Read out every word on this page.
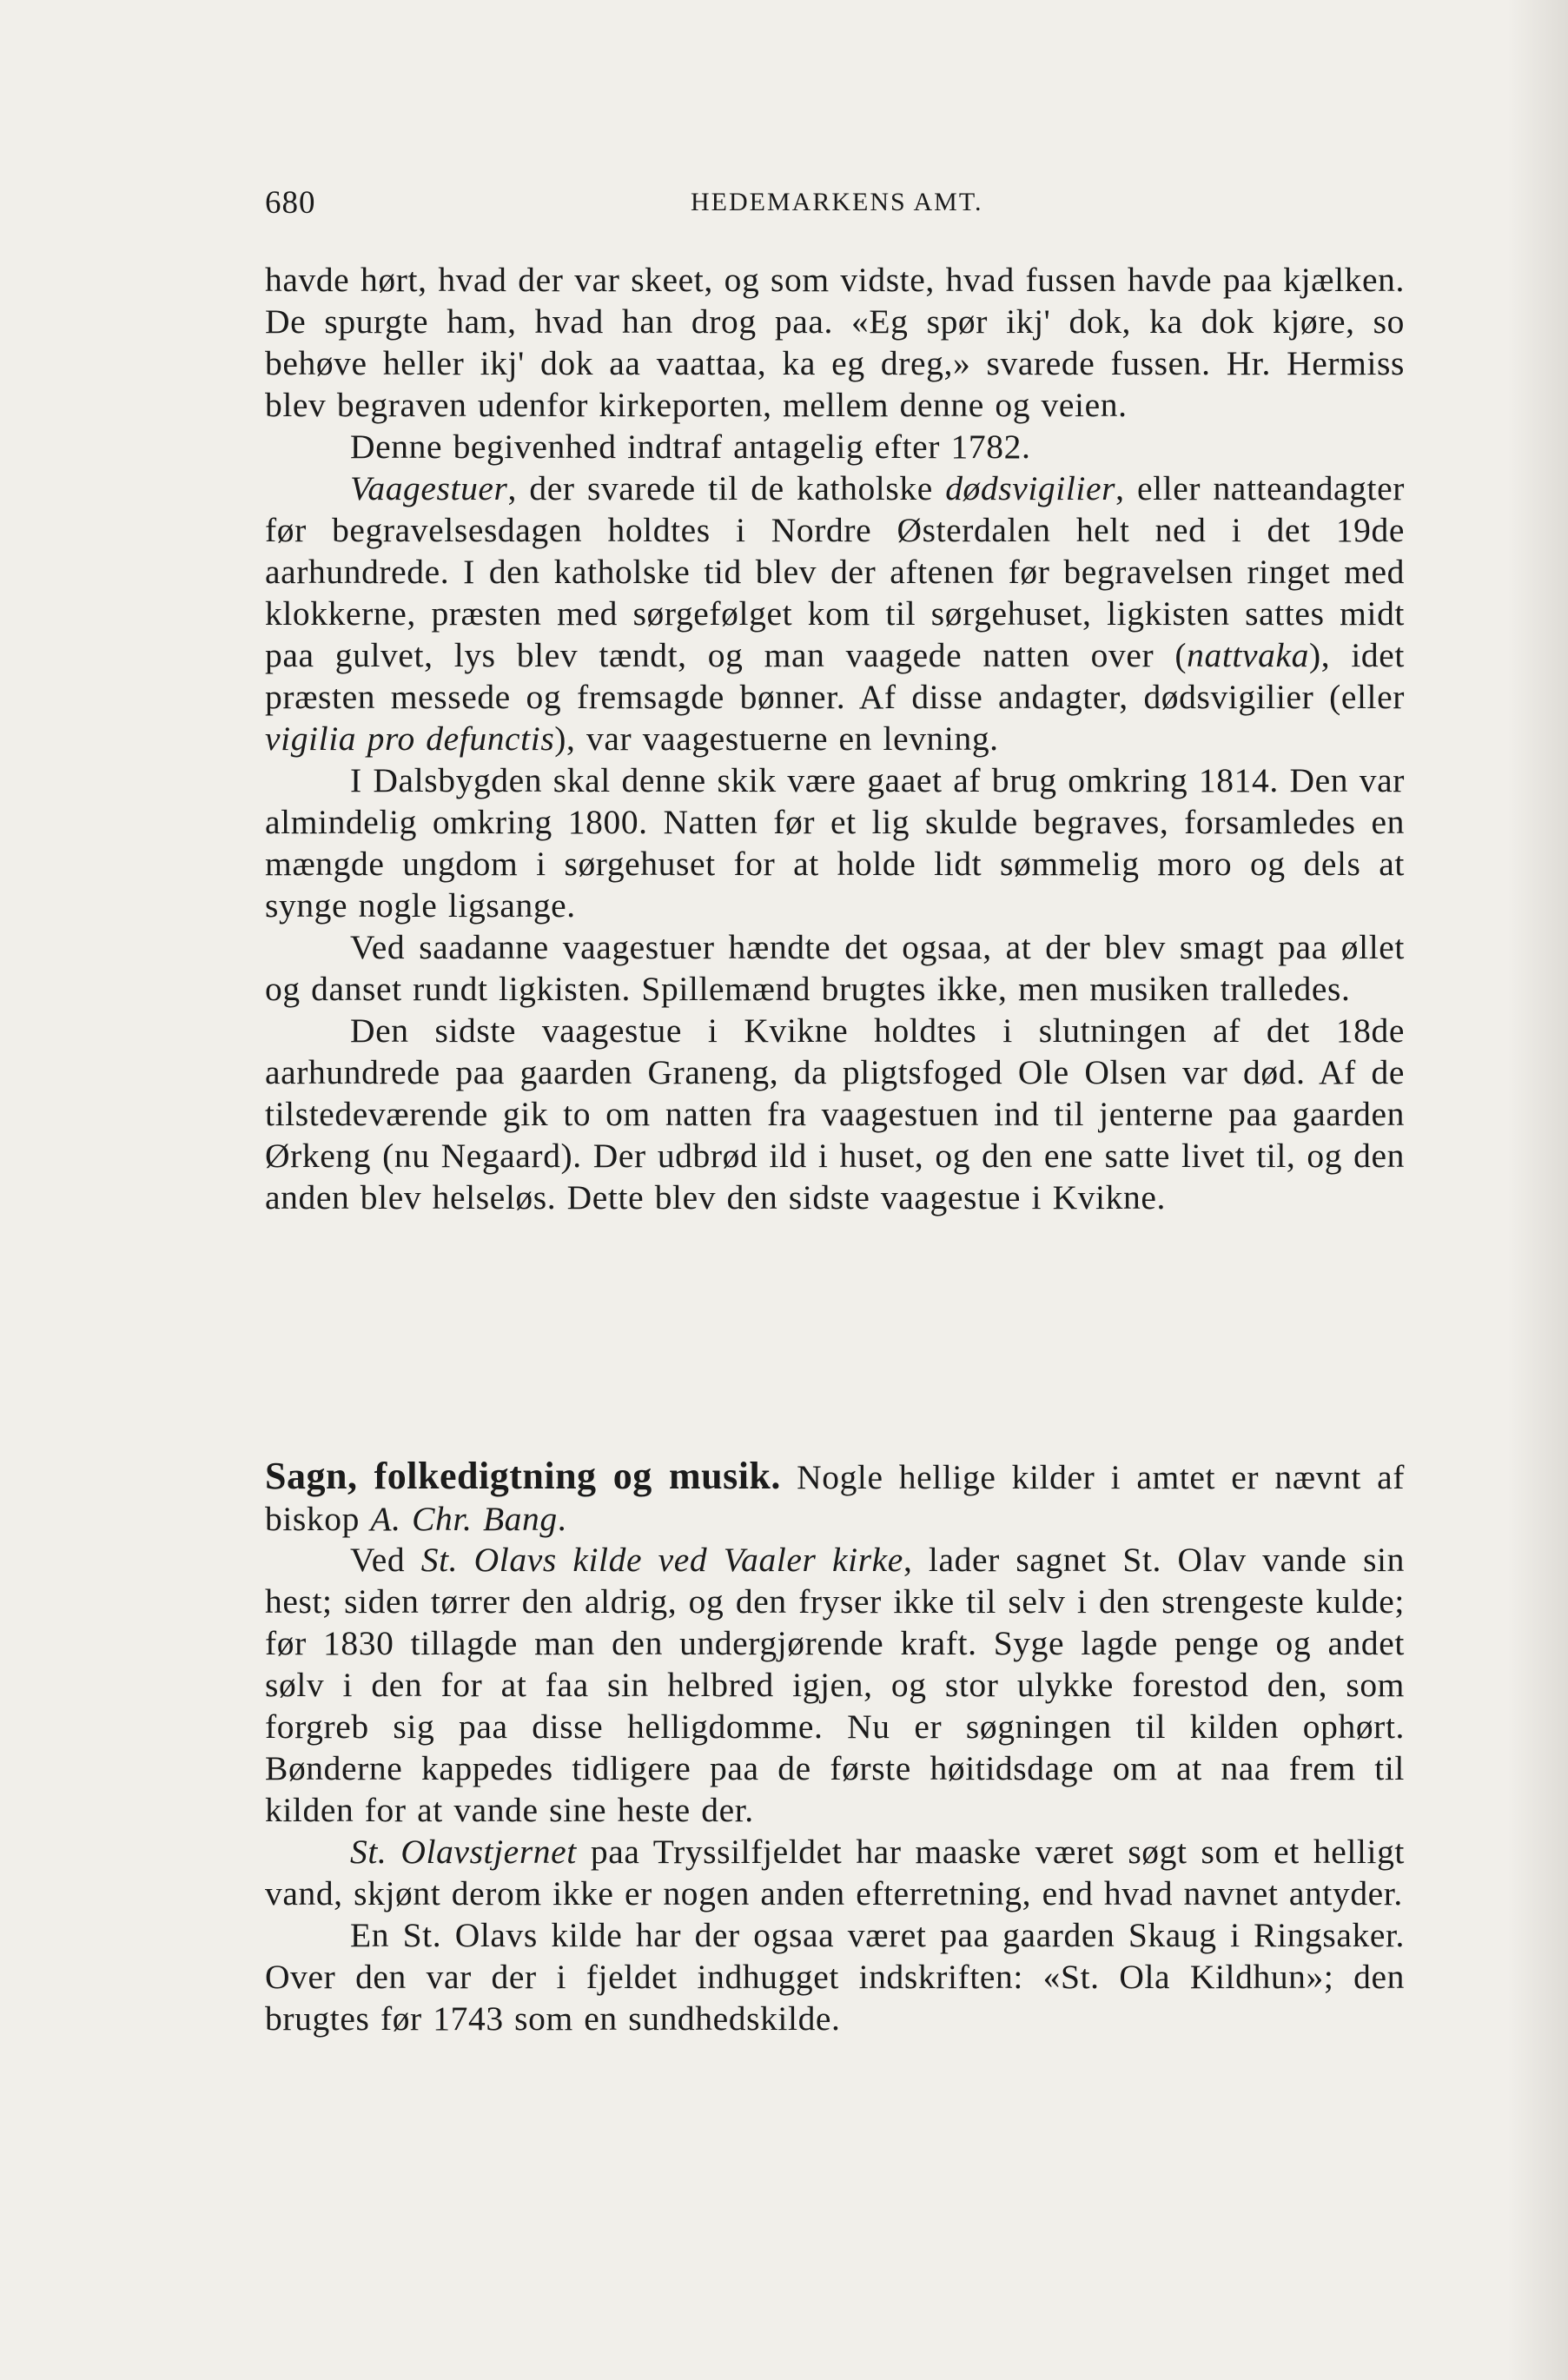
680	HEDEMARKENS AMT.

havde hørt, hvad der var skeet, og som vidste, hvad fussen havde paa kjælken. De spurgte ham, hvad han drog paa. «Eg spør ikj' dok, ka dok kjøre, so behøve heller ikj' dok aa vaattaa, ka eg dreg,» svarede fussen. Hr. Hermiss blev begraven udenfor kirkeporten, mellem denne og veien.

Denne begivenhed indtraf antagelig efter 1782.

Vaagestuer, der svarede til de katholske dødsvigilier, eller natteandagter før begravelsesdagen holdtes i Nordre Østerdalen helt ned i det 19de aarhundrede. I den katholske tid blev der aftenen før begravelsen ringet med klokkerne, præsten med sørgefølget kom til sørgehuset, ligkisten sattes midt paa gulvet, lys blev tændt, og man vaagede natten over (nattvaka), idet præsten messede og fremsagde bønner. Af disse andagter, dødsvigilier (eller vigilia pro defunctis), var vaagestuerne en levning.

I Dalsbygden skal denne skik være gaaet af brug omkring 1814. Den var almindelig omkring 1800. Natten før et lig skulde begraves, forsamledes en mængde ungdom i sørgehuset for at holde lidt sømmelig moro og dels at synge nogle ligsange.

Ved saadanne vaagestuer hændte det ogsaa, at der blev smagt paa øllet og danset rundt ligkisten. Spillemænd brugtes ikke, men musiken tralledes.

Den sidste vaagestue i Kvikne holdtes i slutningen af det 18de aarhundrede paa gaarden Graneng, da pligtsfoged Ole Olsen var død. Af de tilstedeværende gik to om natten fra vaagestuen ind til jenterne paa gaarden Ørkeng (nu Negaard). Der udbrød ild i huset, og den ene satte livet til, og den anden blev helseløs. Dette blev den sidste vaagestue i Kvikne.

Sagn, folkedigtning og musik. Nogle hellige kilder i amtet er nævnt af biskop A. Chr. Bang.

Ved St. Olavs kilde ved Vaaler kirke, lader sagnet St. Olav vande sin hest; siden tørrer den aldrig, og den fryser ikke til selv i den strengeste kulde; før 1830 tillagde man den undergjørende kraft. Syge lagde penge og andet sølv i den for at faa sin helbred igjen, og stor ulykke forestod den, som forgreb sig paa disse helligdomme. Nu er søgningen til kilden ophørt. Bønderne kappedes tidligere paa de første høitidsdage om at naa frem til kilden for at vande sine heste der.

St. Olavstjernet paa Tryssilfjeldet har maaske været søgt som et helligt vand, skjønt derom ikke er nogen anden efterretning, end hvad navnet antyder.

En St. Olavs kilde har der ogsaa været paa gaarden Skaug i Ringsaker. Over den var der i fjeldet indhugget indskriften: «St. Ola Kildhun»; den brugtes før 1743 som en sundhedskilde.
